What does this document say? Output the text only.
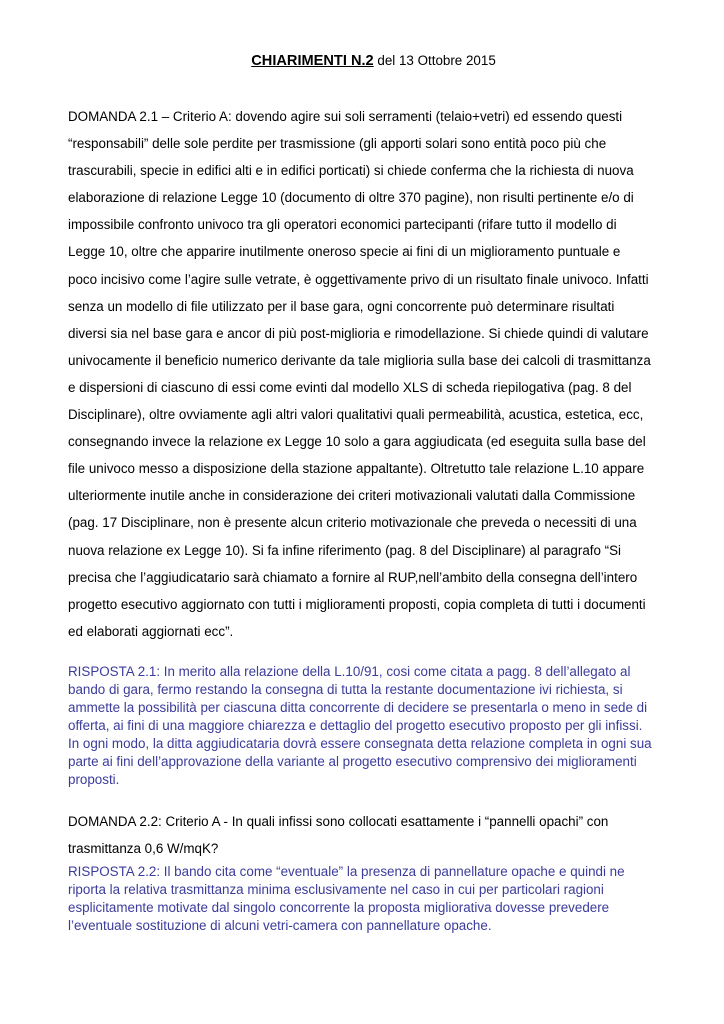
CHIARIMENTI N.2 del 13 Ottobre 2015

DOMANDA 2.1 – Criterio A: dovendo agire sui soli serramenti (telaio+vetri) ed essendo questi “responsabili” delle sole perdite per trasmissione (gli apporti solari sono entità poco più che trascurabili, specie in edifici alti e in edifici porticati) si chiede conferma che la richiesta di nuova elaborazione di relazione Legge 10 (documento di oltre 370 pagine), non risulti pertinente e/o di impossibile confronto univoco tra gli operatori economici partecipanti (rifare tutto il modello di Legge 10, oltre che apparire inutilmente oneroso specie ai fini di un miglioramento puntuale e poco incisivo come l’agire sulle vetrate, è oggettivamente privo di un risultato finale univoco. Infatti senza un modello di file utilizzato per il base gara, ogni concorrente può determinare risultati diversi sia nel base gara e ancor di più post-miglioria e rimodellazione. Si chiede quindi di valutare univocamente il beneficio numerico derivante da tale miglioria sulla base dei calcoli di trasmittanza e dispersioni di ciascuno di essi come evinti dal modello XLS di scheda riepilogativa (pag. 8 del Disciplinare), oltre ovviamente agli altri valori qualitativi quali permeabilità, acustica, estetica, ecc, consegnando invece la relazione ex Legge 10 solo a gara aggiudicata (ed eseguita sulla base del file univoco messo a disposizione della stazione appaltante). Oltretutto tale relazione L.10 appare ulteriormente inutile anche in considerazione dei criteri motivazionali valutati dalla Commissione (pag. 17 Disciplinare, non è presente alcun criterio motivazionale che preveda o necessiti di una nuova relazione ex Legge 10). Si fa infine riferimento (pag. 8 del Disciplinare) al paragrafo “Si precisa che l’aggiudicatario sarà chiamato a fornire al RUP,nell’ambito della consegna dell’intero progetto esecutivo aggiornato con tutti i miglioramenti proposti, copia completa di tutti i documenti ed elaborati aggiornati ecc”.

RISPOSTA 2.1: In merito alla relazione della L.10/91, cosi come citata a pagg. 8 dell’allegato al bando di gara, fermo restando la consegna di tutta la restante documentazione ivi richiesta, si ammette la possibilità per ciascuna ditta concorrente di decidere se presentarla o meno in sede di offerta, ai fini di una maggiore chiarezza e dettaglio del progetto esecutivo proposto per gli infissi. In ogni modo, la ditta aggiudicataria dovrà essere consegnata detta relazione completa in ogni sua parte ai fini dell’approvazione della variante al progetto esecutivo comprensivo dei miglioramenti proposti.

DOMANDA 2.2: Criterio A - In quali infissi sono collocati esattamente i “pannelli opachi” con trasmittanza 0,6 W/mqK?

RISPOSTA 2.2: Il bando cita come “eventuale” la presenza di pannellature opache e quindi ne riporta la relativa trasmittanza minima esclusivamente nel caso in cui per particolari ragioni esplicitamente motivate dal singolo concorrente la proposta migliorativa dovesse prevedere l’eventuale sostituzione di alcuni vetri-camera con pannellature opache.
